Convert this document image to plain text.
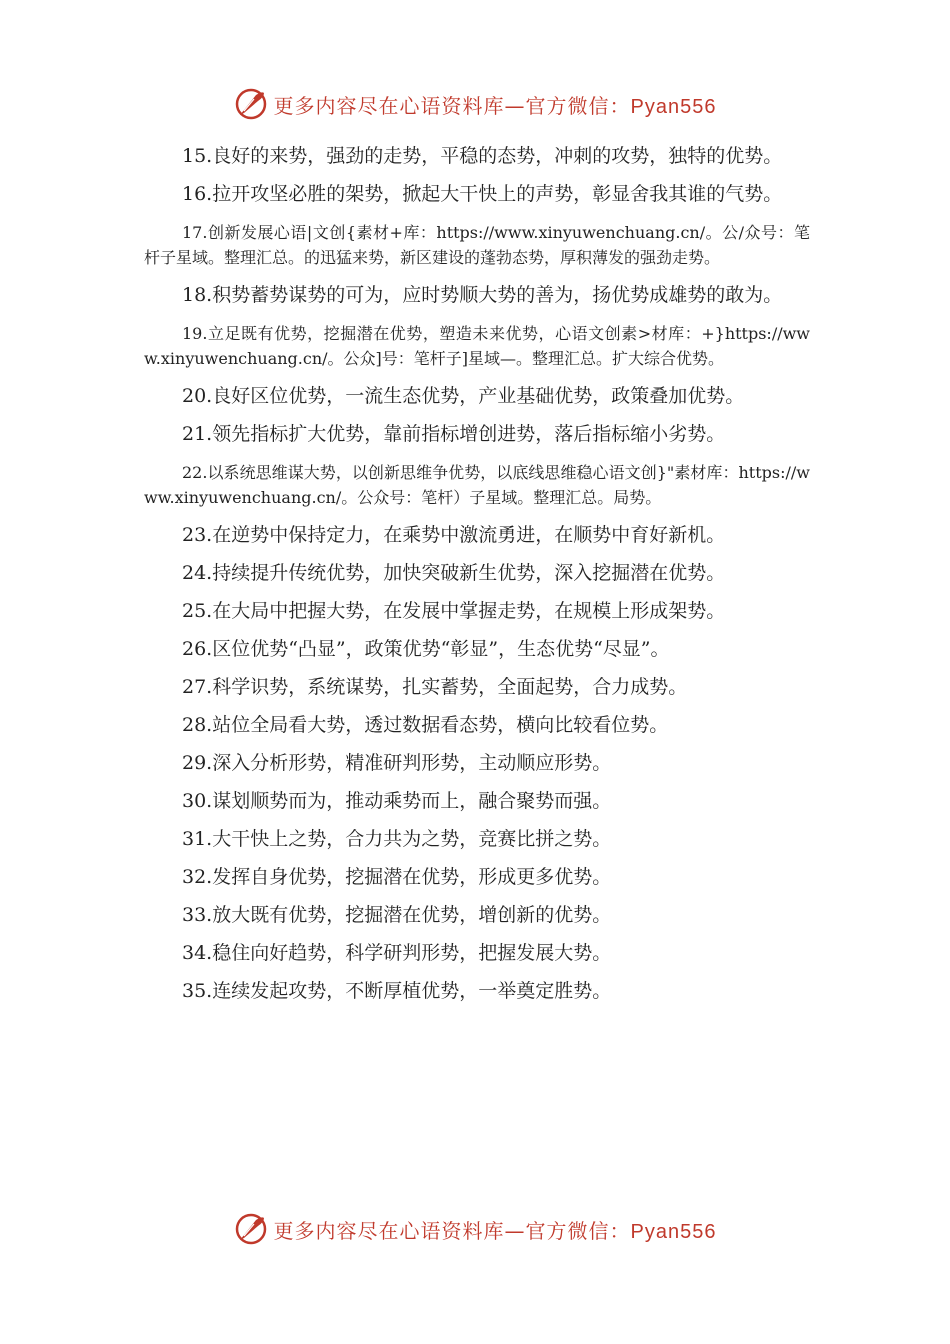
更多内容尽在心语资料库—官方微信：Pyan556

15.良好的来势，强劲的走势，平稳的态势，冲刺的攻势，独特的优势。

16.拉开攻坚必胜的架势，掀起大干快上的声势，彰显舍我其谁的气势。

17.创新发展心语|文创{素材+库：https://www.xinyuwenchuang.cn/。公/众号：笔杆子星域。整理汇总。的迅猛来势，新区建设的蓬勃态势，厚积薄发的强劲走势。

18.积势蓄势谋势的可为，应时势顺大势的善为，扬优势成雄势的敢为。

19.立足既有优势，挖掘潜在优势，塑造未来优势，心语文创素>材库：+}https://www.xinyuwenchuang.cn/。公众]号：笔杆子]星域—。整理汇总。扩大综合优势。

20.良好区位优势，一流生态优势，产业基础优势，政策叠加优势。

21.领先指标扩大优势，靠前指标增创进势，落后指标缩小劣势。

22.以系统思维谋大势，以创新思维争优势，以底线思维稳心语文创}"素材库：https://www.xinyuwenchuang.cn/。公众号：笔杆）子星域。整理汇总。局势。

23.在逆势中保持定力，在乘势中激流勇进，在顺势中育好新机。

24.持续提升传统优势，加快突破新生优势，深入挖掘潜在优势。

25.在大局中把握大势，在发展中掌握走势，在规模上形成架势。

26.区位优势“凸显”，政策优势“彰显”，生态优势“尽显”。

27.科学识势，系统谋势，扎实蓄势，全面起势，合力成势。

28.站位全局看大势，透过数据看态势，横向比较看位势。

29.深入分析形势，精准研判形势，主动顺应形势。

30.谋划顺势而为，推动乘势而上，融合聚势而强。

31.大干快上之势，合力共为之势，竞赛比拼之势。

32.发挥自身优势，挖掘潜在优势，形成更多优势。

33.放大既有优势，挖掘潜在优势，增创新的优势。

34.稳住向好趋势，科学研判形势，把握发展大势。

35.连续发起攻势，不断厚植优势，一举奠定胜势。

更多内容尽在心语资料库—官方微信：Pyan556
